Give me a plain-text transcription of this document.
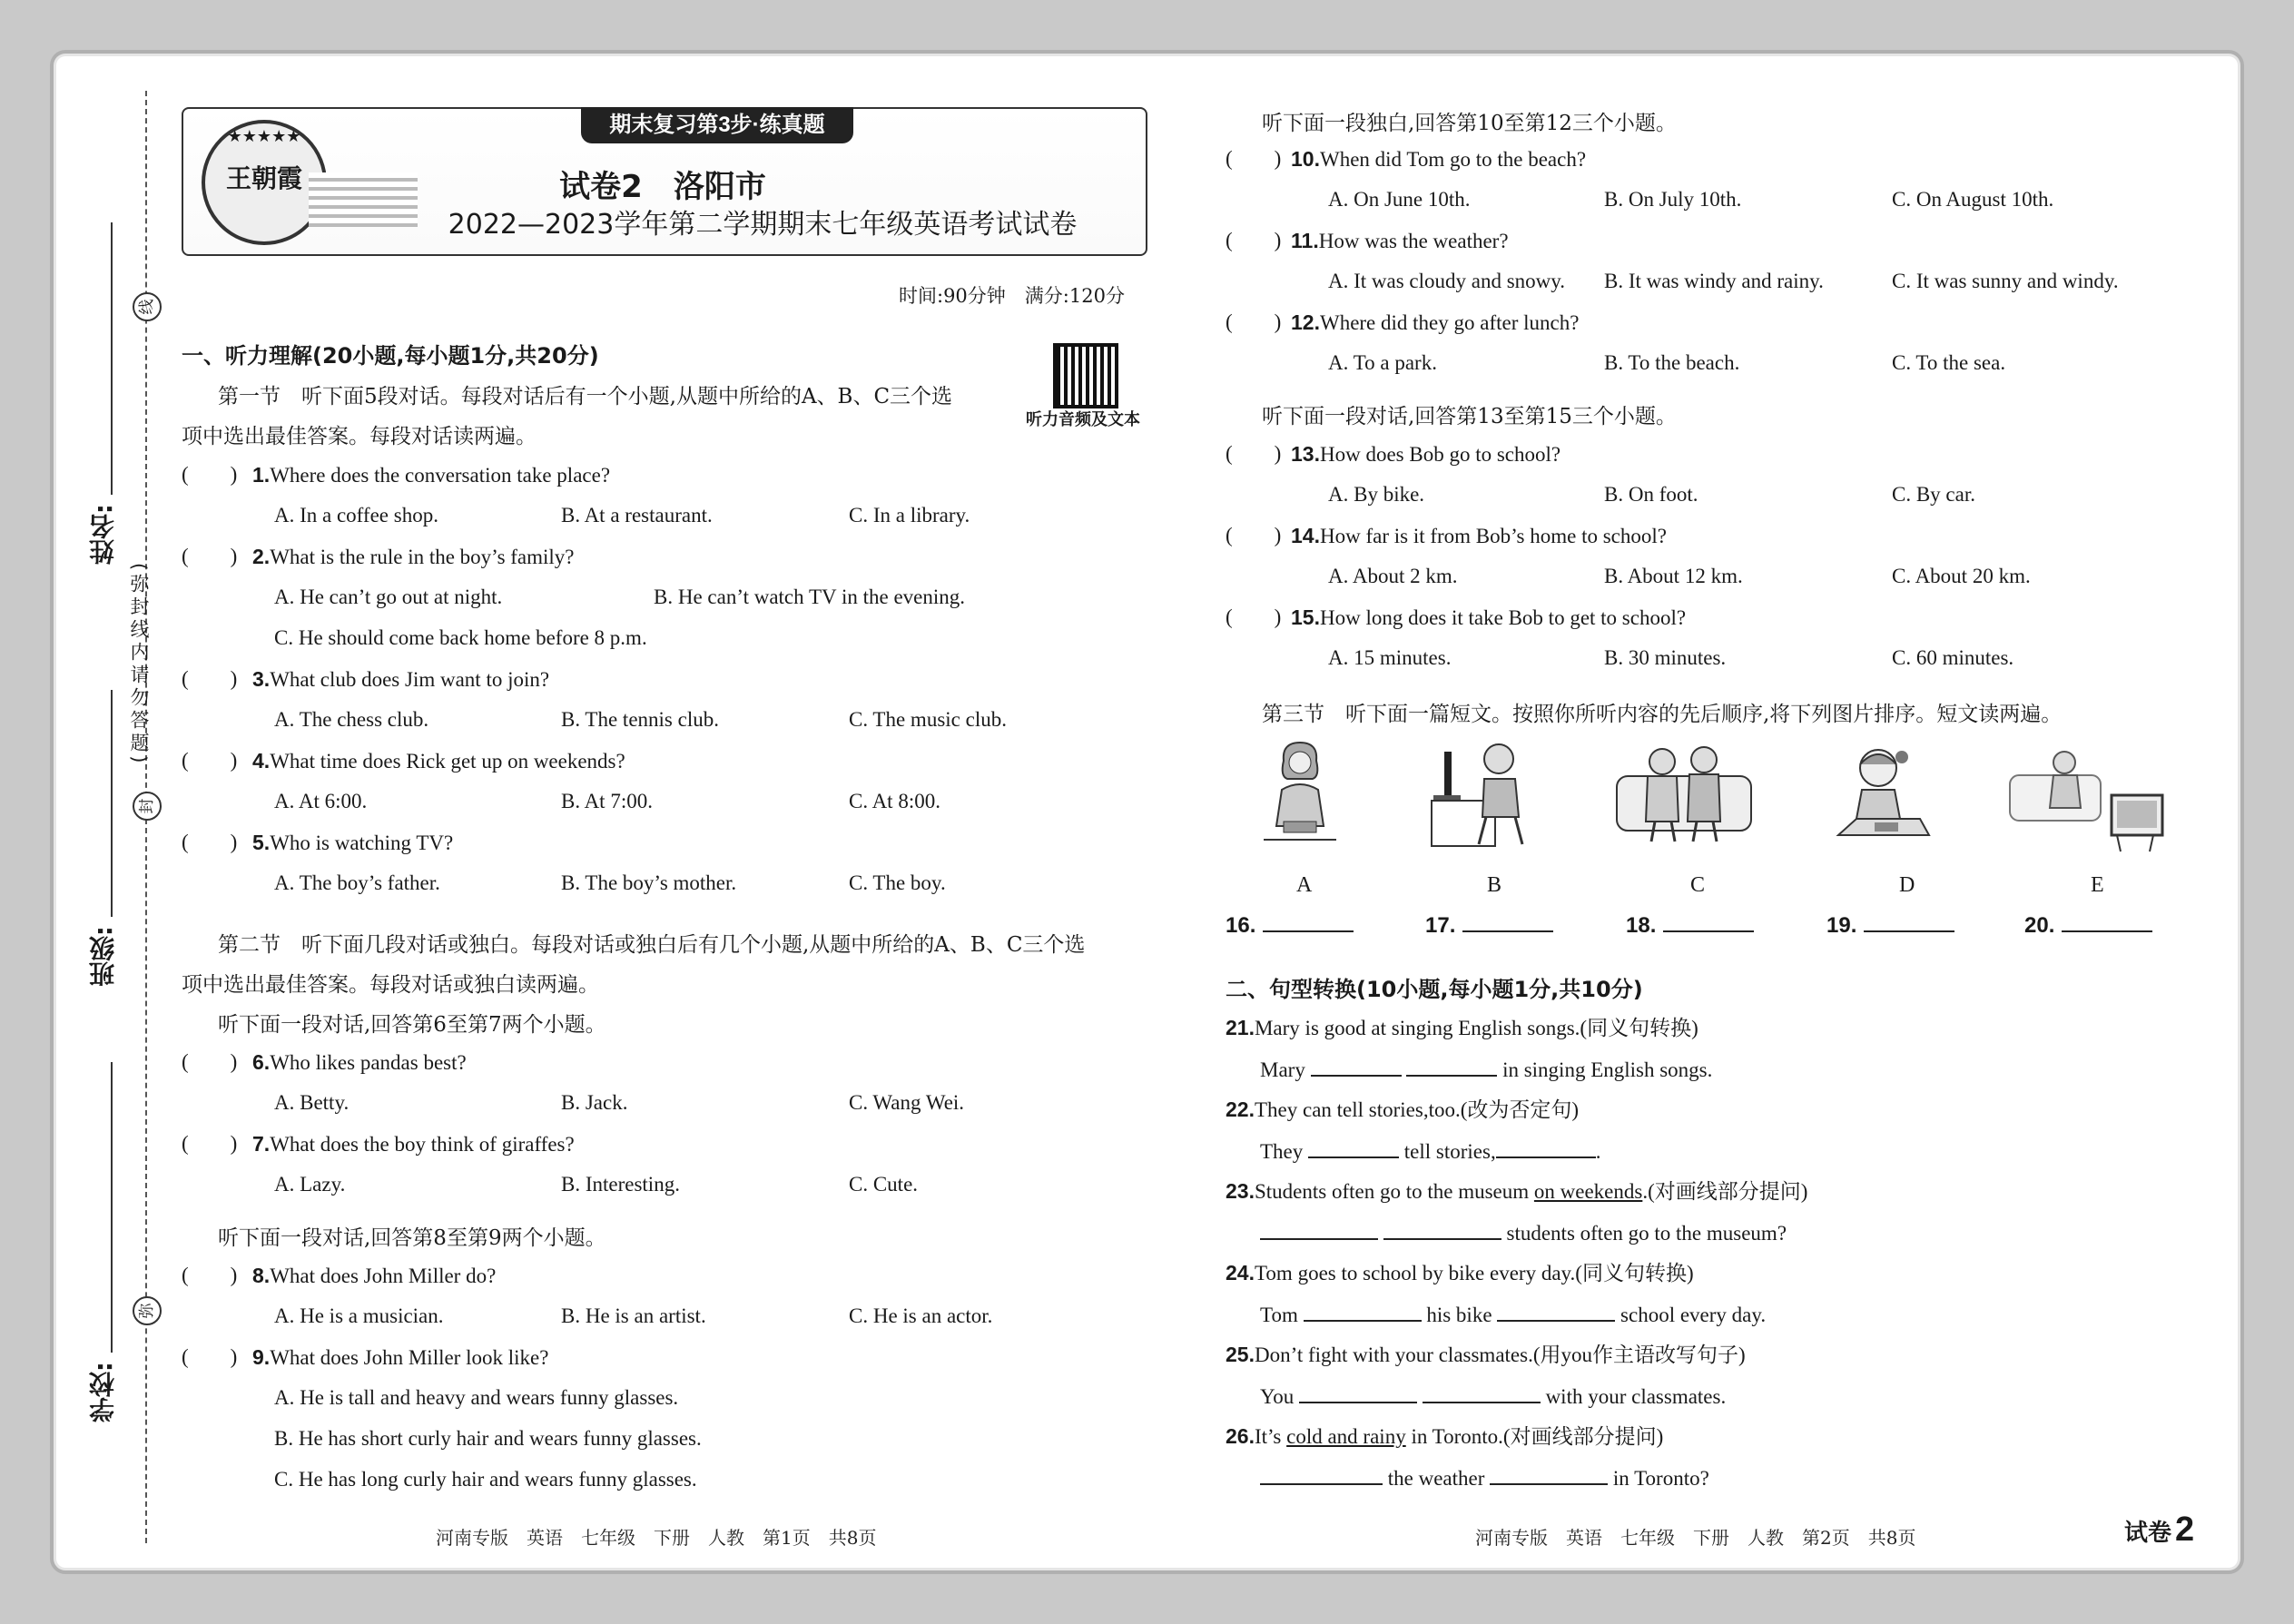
线
封
弥
(弥封线内请勿答题)
姓名:
班级:
学校:
期末复习第3步·练真题
★★★★★
王朝霞	试卷2　洛阳市
2022—2023学年第二学期期末七年级英语考试试卷
时间:90分钟　满分:120分
听力音频及文本
一、听力理解(20小题,每小题1分,共20分)
第一节　听下面5段对话。每段对话后有一个小题,从题中所给的A、B、C三个选
项中选出最佳答案。每段对话读两遍。
(　　) 1.Where does the conversation take place?
A. In a coffee shop.	B. At a restaurant.	C. In a library.
(　　) 2.What is the rule in the boy’s family?
A. He can’t go out at night.	B. He can’t watch TV in the evening.
C. He should come back home before 8 p.m.
(　　) 3.What club does Jim want to join?
A. The chess club.	B. The tennis club.	C. The music club.
(　　) 4.What time does Rick get up on weekends?
A. At 6:00.	B. At 7:00.	C. At 8:00.
(　　) 5.Who is watching TV?
A. The boy’s father.	B. The boy’s mother.	C. The boy.
第二节　听下面几段对话或独白。每段对话或独白后有几个小题,从题中所给的A、B、C三个选
项中选出最佳答案。每段对话或独白读两遍。
听下面一段对话,回答第6至第7两个小题。
(　　) 6.Who likes pandas best?
A. Betty.	B. Jack.	C. Wang Wei.
(　　) 7.What does the boy think of giraffes?
A. Lazy.	B. Interesting.	C. Cute.
听下面一段对话,回答第8至第9两个小题。
(　　) 8.What does John Miller do?
A. He is a musician.	B. He is an artist.	C. He is an actor.
(　　) 9.What does John Miller look like?
A. He is tall and heavy and wears funny glasses.
B. He has short curly hair and wears funny glasses.
C. He has long curly hair and wears funny glasses.
河南专版　英语　七年级　下册　人教　第1页　共8页
听下面一段独白,回答第10至第12三个小题。
(　　) 10.When did Tom go to the beach?
A. On June 10th.	B. On July 10th.	C. On August 10th.
(　　) 11.How was the weather?
A. It was cloudy and snowy. B. It was windy and rainy.	C. It was sunny and windy.
(　　) 12.Where did they go after lunch?
A. To a park.	B. To the beach.	C. To the sea.
听下面一段对话,回答第13至第15三个小题。
(　　) 13.How does Bob go to school?
A. By bike.	B. On foot.	C. By car.
(　　) 14.How far is it from Bob’s home to school?
A. About 2 km.	B. About 12 km.	C. About 20 km.
(　　) 15.How long does it take Bob to get to school?
A. 15 minutes.	B. 30 minutes.	C. 60 minutes.
第三节　听下面一篇短文。按照你所听内容的先后顺序,将下列图片排序。短文读两遍。
A	B	C	D	E
16.	17.	18.	19.	20.
二、句型转换(10小题,每小题1分,共10分)
21.Mary is good at singing English songs.(同义句转换)
Mary	in singing English songs.
22.They can tell stories,too.(改为否定句)
They	tell stories,	.
23.Students often go to the museum on weekends.(对画线部分提问)
students often go to the museum?
24.Tom goes to school by bike every day.(同义句转换)
Tom	his bike	school every day.
25.Don’t fight with your classmates.(用you作主语改写句子)
You	with your classmates.
26.It’s cold and rainy in Toronto.(对画线部分提问)
the weather	in Toronto?
河南专版　英语　七年级　下册　人教　第2页　共8页	试卷 2
